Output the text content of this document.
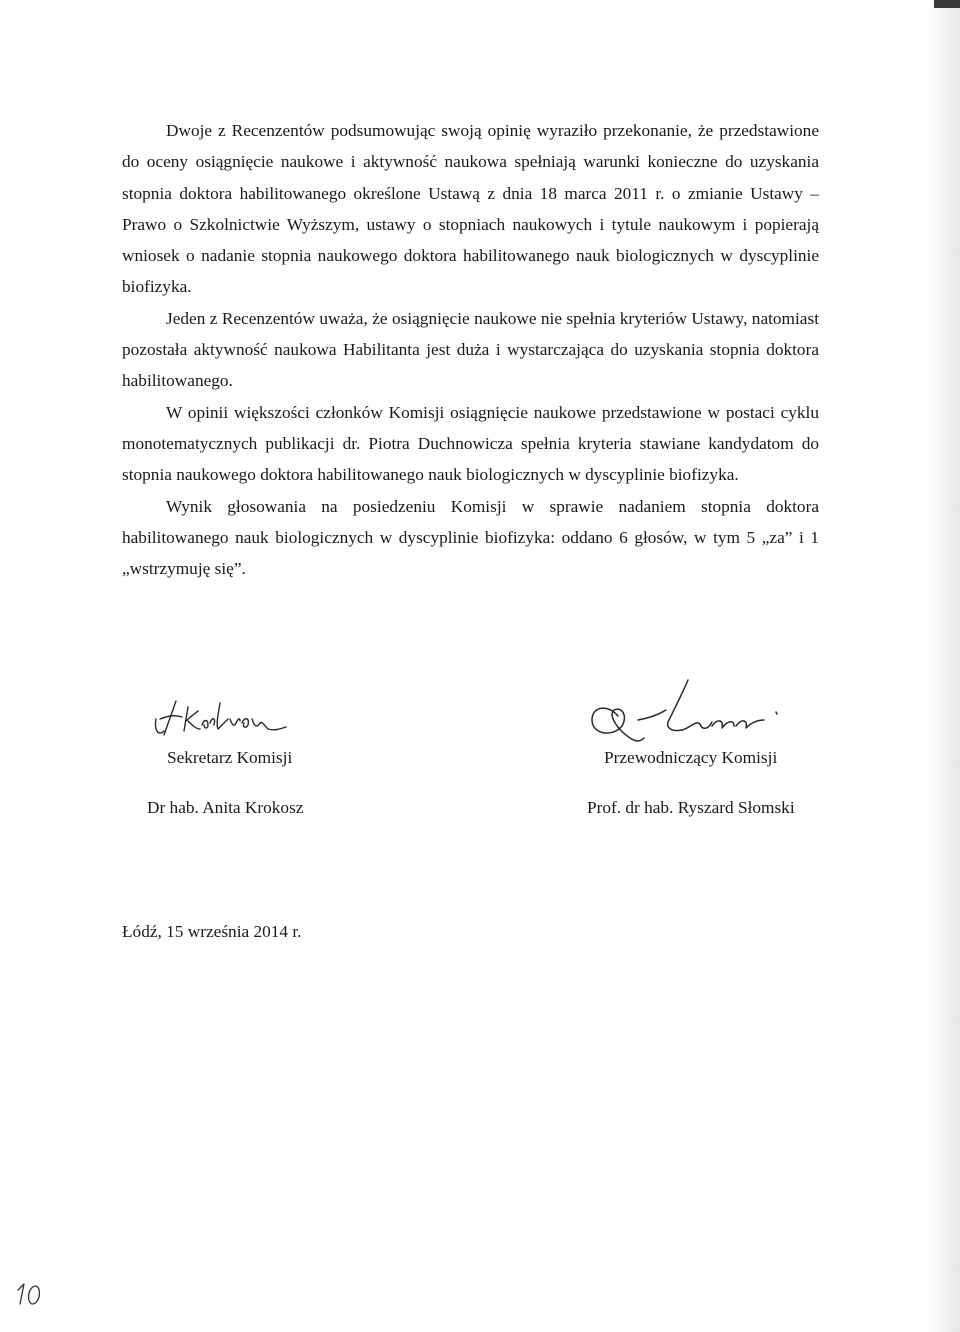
Dwoje z Recenzentów podsumowując swoją opinię wyraziło przekonanie, że przedstawione do oceny osiągnięcie naukowe i aktywność naukowa spełniają warunki konieczne do uzyskania stopnia doktora habilitowanego określone Ustawą z dnia 18 marca 2011 r. o zmianie Ustawy – Prawo o Szkolnictwie Wyższym, ustawy o stopniach naukowych i tytule naukowym i popierają wniosek o nadanie stopnia naukowego doktora habilitowanego nauk biologicznych w dyscyplinie biofizyka.

Jeden z Recenzentów uważa, że osiągnięcie naukowe nie spełnia kryteriów Ustawy, natomiast pozostała aktywność naukowa Habilitanta jest duża i wystarczająca do uzyskania stopnia doktora habilitowanego.

W opinii większości członków Komisji osiągnięcie naukowe przedstawione w postaci cyklu monotematycznych publikacji dr. Piotra Duchnowicza spełnia kryteria stawiane kandydatom do stopnia naukowego doktora habilitowanego nauk biologicznych w dyscyplinie biofizyka.

Wynik głosowania na posiedzeniu Komisji w sprawie nadaniem stopnia doktora habilitowanego nauk biologicznych w dyscyplinie biofizyka: oddano 6 głosów, w tym 5 „za” i 1 „wstrzymuję się”.

Sekretarz Komisji
Dr hab. Anita Krokosz
Przewodniczący Komisji
Prof. dr hab. Ryszard Słomski
Łódź, 15 września 2014 r.
